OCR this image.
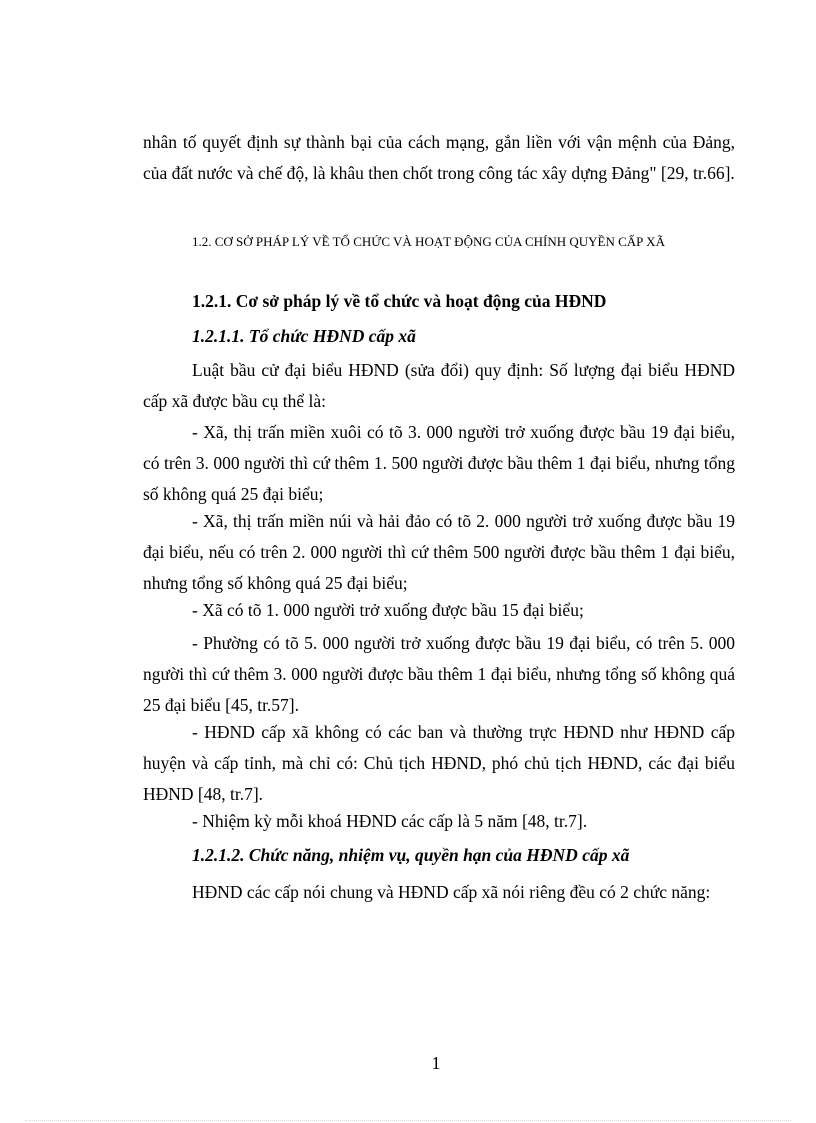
nhân tố quyết định sự thành bại của cách mạng, gắn liền với vận mệnh của Đảng, của đất nước và chế độ, là khâu then chốt trong công tác xây dựng Đảng" [29, tr.66].

1.2. CƠ SỞ PHÁP LÝ VỀ TỔ CHỨC VÀ HOẠT ĐỘNG CỦA CHÍNH QUYỀN CẤP XÃ

1.2.1. Cơ sở pháp lý về tổ chức và hoạt động của HĐND

1.2.1.1. Tổ chức HĐND cấp xã

Luật bầu cử đại biểu HĐND (sửa đổi) quy định: Số lượng đại biểu HĐND cấp xã được bầu cụ thể là:

- Xã, thị trấn miền xuôi có tõ 3. 000 người trở xuống được bầu 19 đại biểu, có trên 3. 000 người thì cứ thêm 1. 500 người được bầu thêm 1 đại biểu, nhưng tổng số không quá 25 đại biểu;

- Xã, thị trấn miền núi và hải đảo có tõ 2. 000 người trở xuống được bầu 19 đại biểu, nếu có trên 2. 000 người thì cứ thêm 500 người được bầu thêm 1 đại biểu, nhưng tổng số không quá 25 đại biểu;

- Xã có tõ 1. 000 người trở xuống được bầu 15 đại biểu;

- Phường có tõ 5. 000 người trở xuống được bầu 19 đại biểu, có trên 5. 000 người thì cứ thêm 3. 000 người được bầu thêm 1 đại biểu, nhưng tổng số không quá 25 đại biểu [45, tr.57].

- HĐND cấp xã không có các ban và thường trực HĐND như HĐND cấp huyện và cấp tỉnh, mà chỉ có: Chủ tịch HĐND, phó chủ tịch HĐND, các đại biểu HĐND [48, tr.7].

- Nhiệm kỳ mỗi khoá HĐND các cấp là 5 năm [48, tr.7].

1.2.1.2. Chức năng, nhiệm vụ, quyền hạn của HĐND cấp xã

HĐND các cấp nói chung và HĐND cấp xã nói riêng đều có 2 chức năng:

1
